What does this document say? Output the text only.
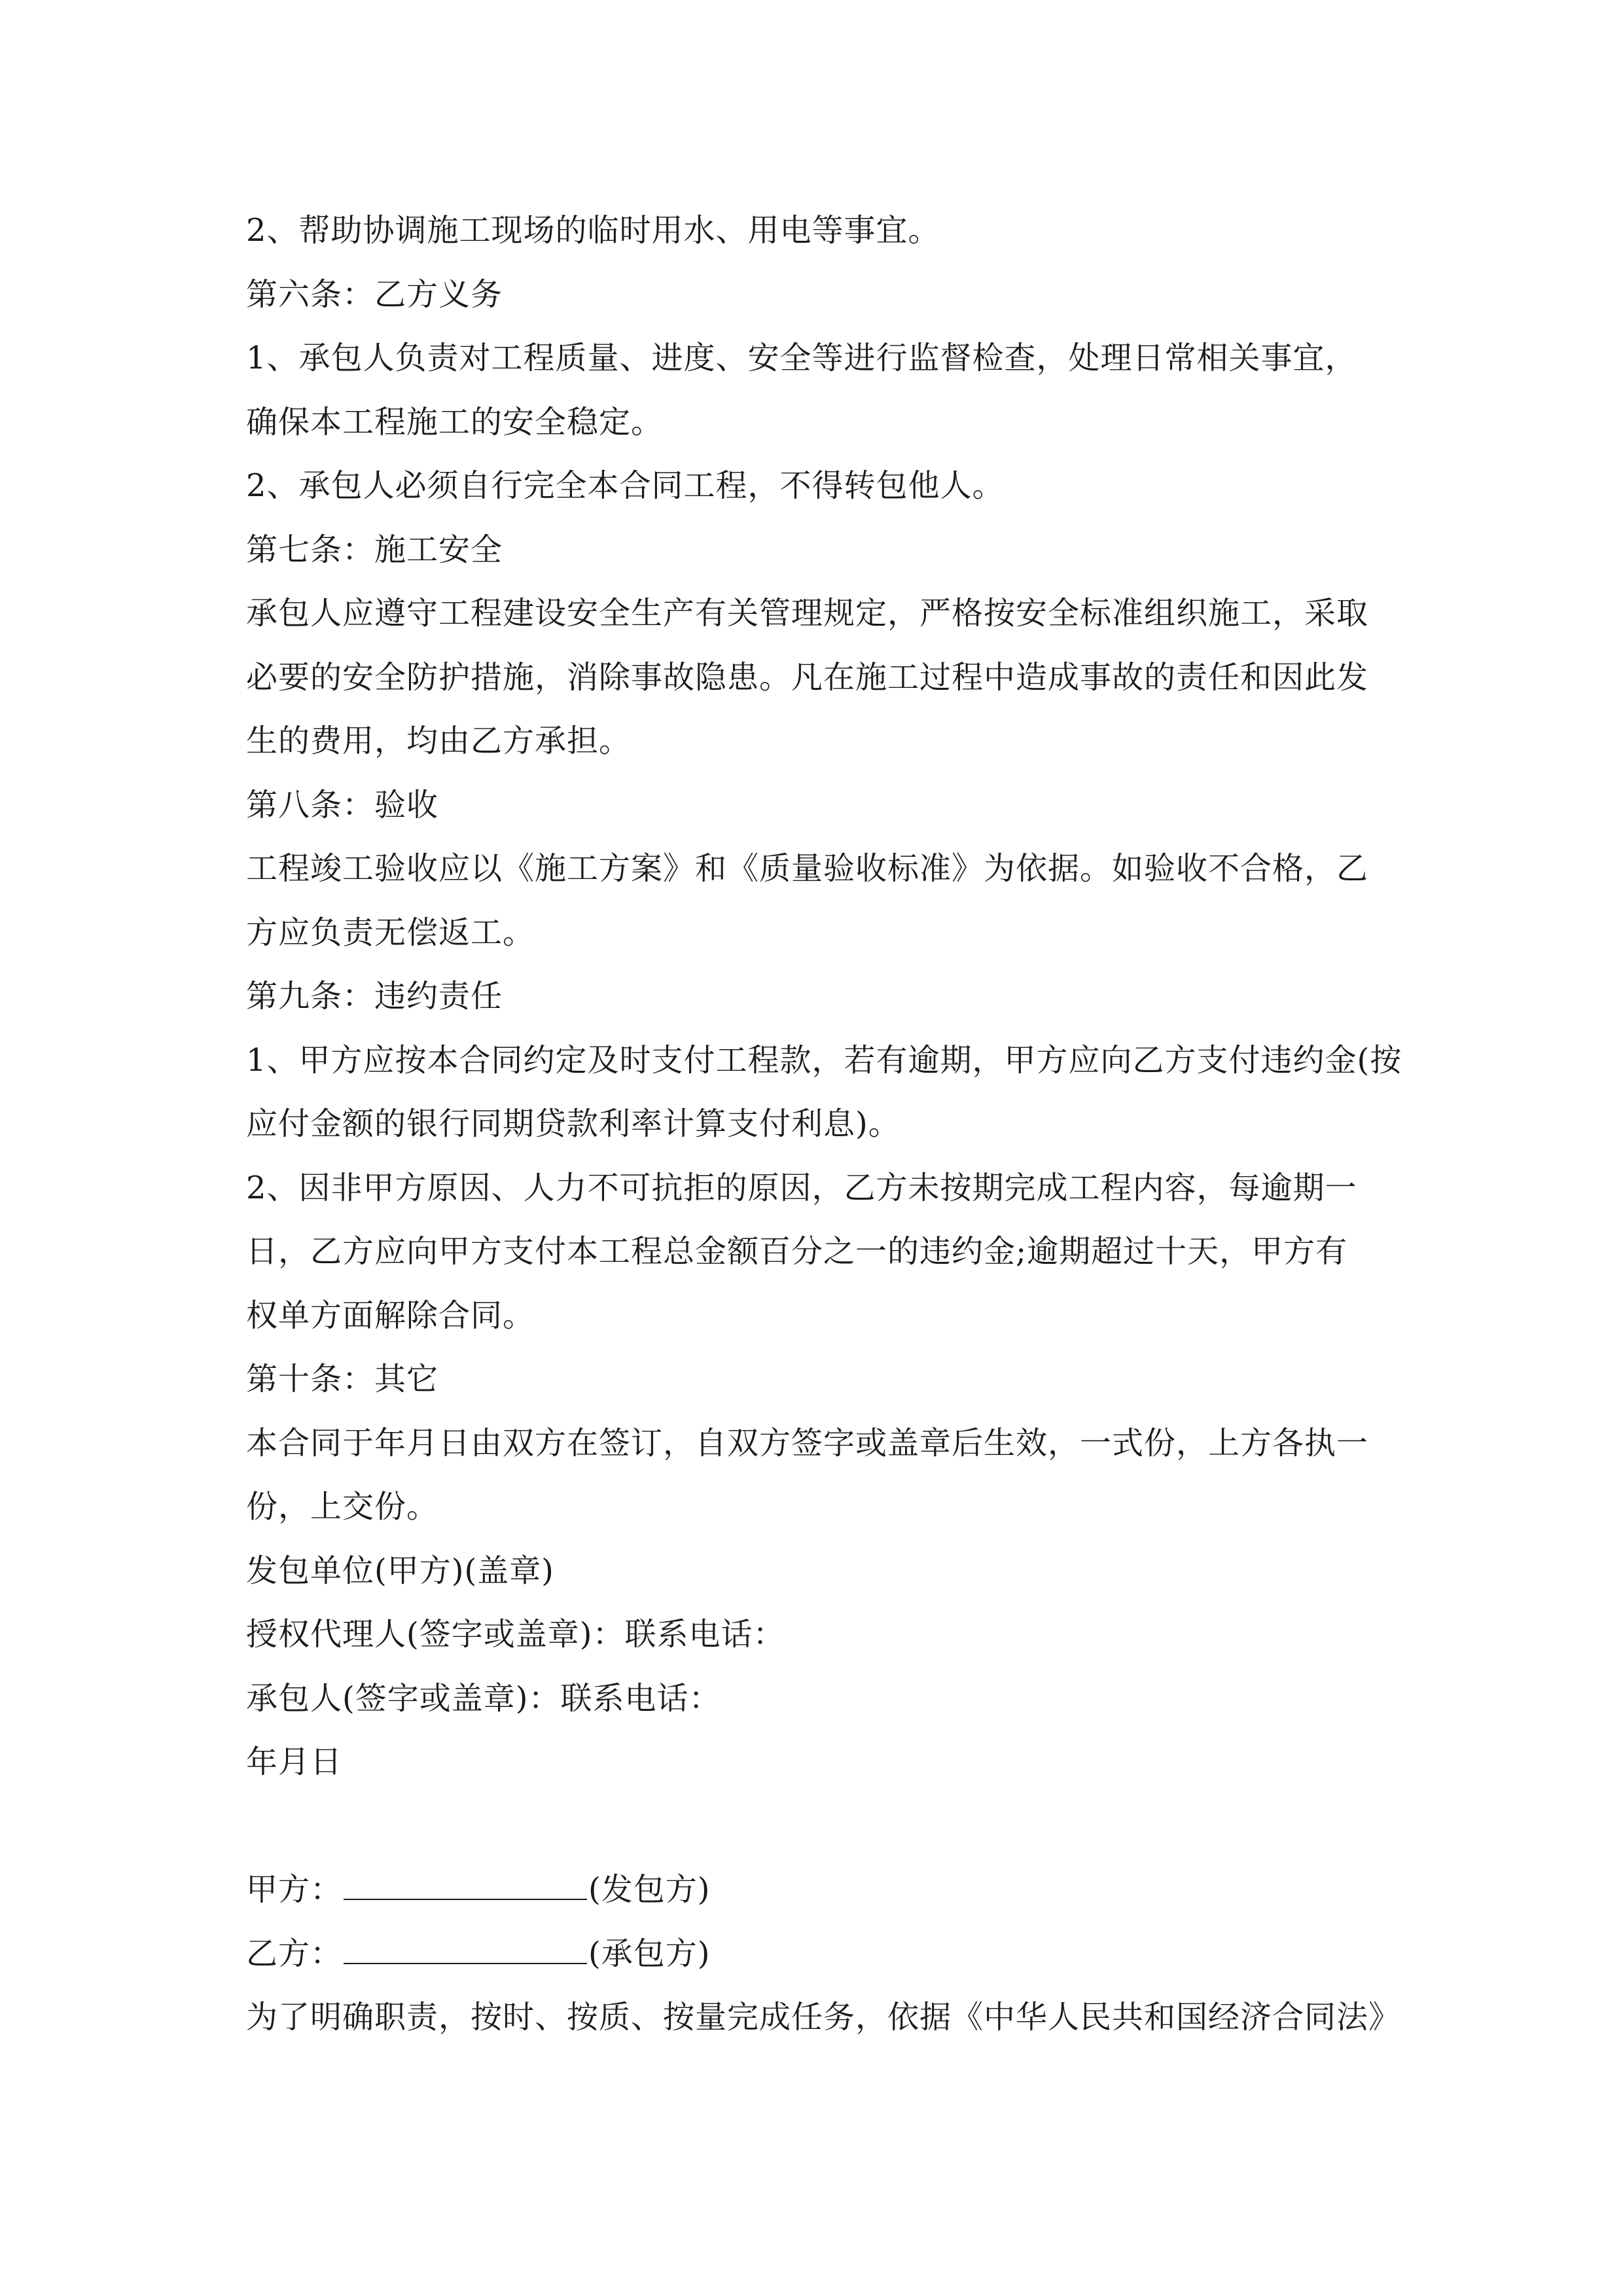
2、帮助协调施工现场的临时用水、用电等事宜。
第六条：乙方义务
1、承包人负责对工程质量、进度、安全等进行监督检查，处理日常相关事宜，
确保本工程施工的安全稳定。
2、承包人必须自行完全本合同工程，不得转包他人。
第七条：施工安全
承包人应遵守工程建设安全生产有关管理规定，严格按安全标准组织施工，采取
必要的安全防护措施，消除事故隐患。凡在施工过程中造成事故的责任和因此发
生的费用，均由乙方承担。
第八条：验收
工程竣工验收应以《施工方案》和《质量验收标准》为依据。如验收不合格，乙
方应负责无偿返工。
第九条：违约责任
1、甲方应按本合同约定及时支付工程款，若有逾期，甲方应向乙方支付违约金(按
应付金额的银行同期贷款利率计算支付利息)。
2、因非甲方原因、人力不可抗拒的原因，乙方未按期完成工程内容，每逾期一
日，乙方应向甲方支付本工程总金额百分之一的违约金;逾期超过十天，甲方有
权单方面解除合同。
第十条：其它
本合同于年月日由双方在签订，自双方签字或盖章后生效，一式份，上方各执一
份，上交份。
发包单位(甲方)(盖章)
授权代理人(签字或盖章)：联系电话：
承包人(签字或盖章)：联系电话：
年月日
甲方：	(发包方)
乙方：	(承包方)
为了明确职责，按时、按质、按量完成任务，依据《中华人民共和国经济合同法》
